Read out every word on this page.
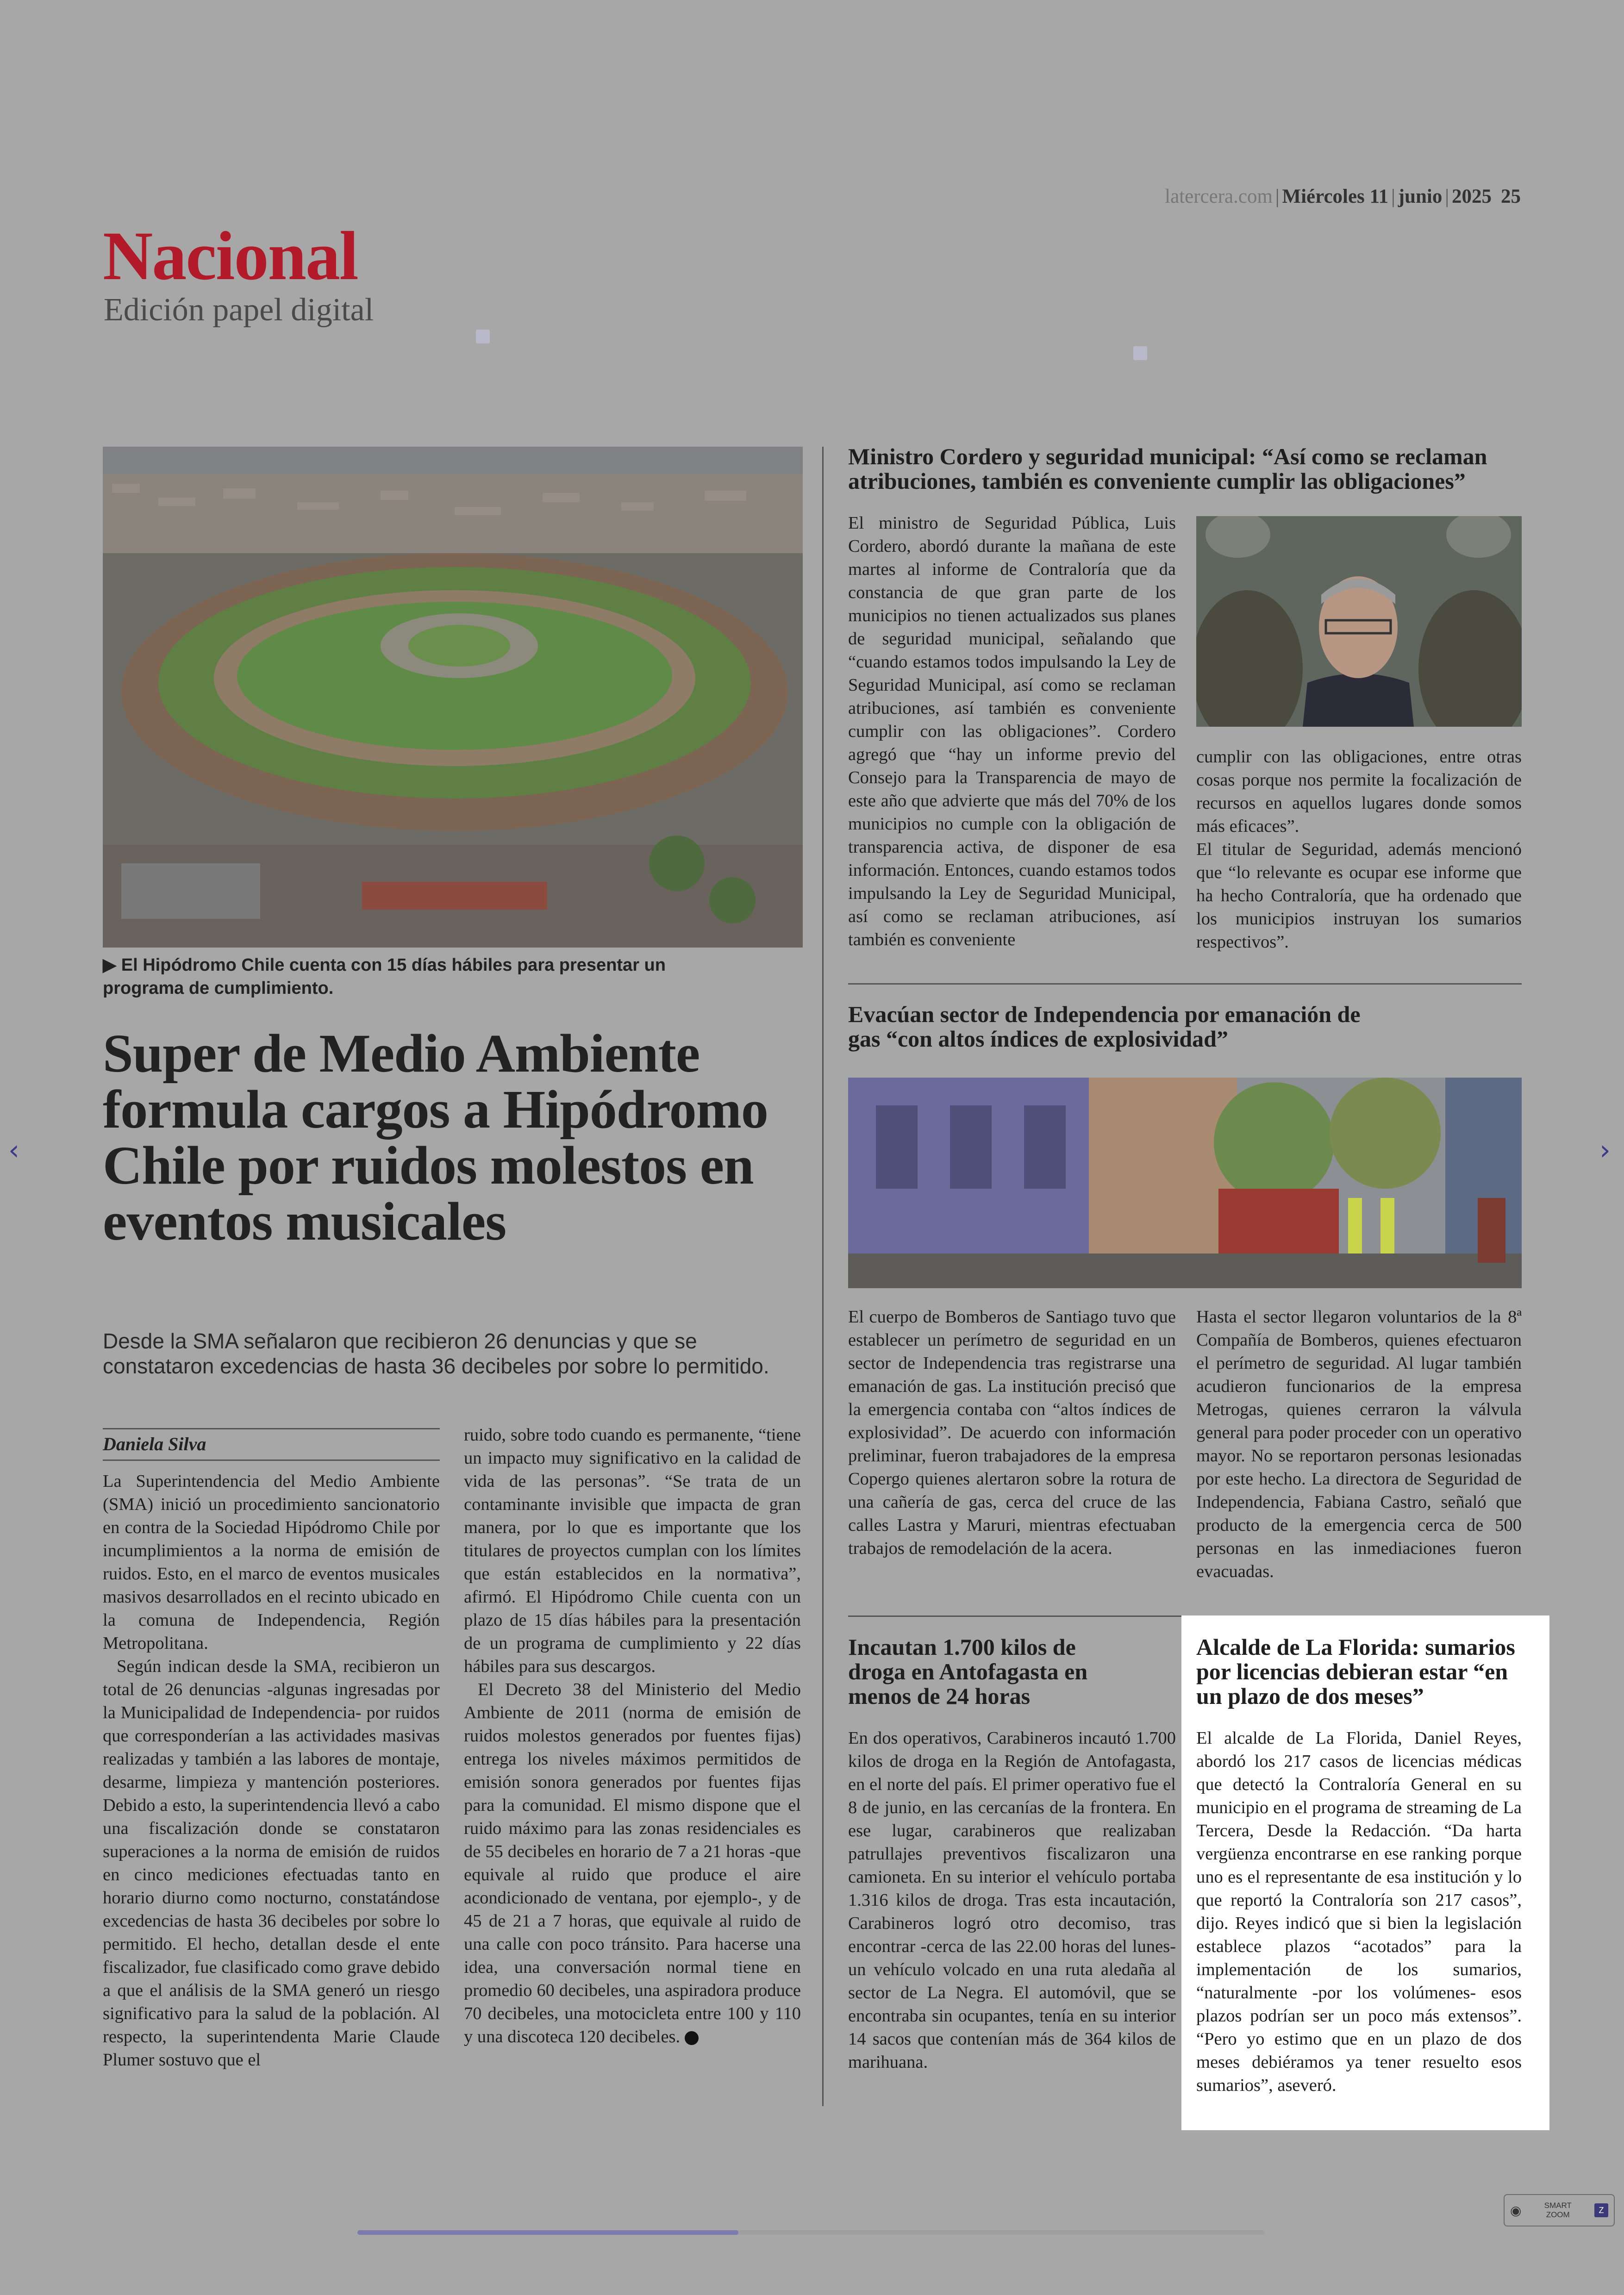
latercera.com | Miércoles 11 | junio | 2025 25
Nacional
Edición papel digital
▶ El Hipódromo Chile cuenta con 15 días hábiles para presentar un programa de cumplimiento.
Super de Medio Ambiente formula cargos a Hipódromo Chile por ruidos molestos en eventos musicales
Desde la SMA señalaron que recibieron 26 denuncias y que se constataron excedencias de hasta 36 decibeles por sobre lo permitido.
Daniela Silva

La Superintendencia del Medio Ambiente (SMA) inició un procedimiento sancionatorio en contra de la Sociedad Hipódromo Chile por incumplimientos a la norma de emisión de ruidos. Esto, en el marco de eventos musicales masivos desarrollados en el recinto ubicado en la comuna de Independencia, Región Metropolitana.

Según indican desde la SMA, recibieron un total de 26 denuncias -algunas ingresadas por la Municipalidad de Independencia- por ruidos que corresponderían a las actividades masivas realizadas y también a las labores de montaje, desarme, limpieza y mantención posteriores. Debido a esto, la superintendencia llevó a cabo una fiscalización donde se constataron superaciones a la norma de emisión de ruidos en cinco mediciones efectuadas tanto en horario diurno como nocturno, constatándose excedencias de hasta 36 decibeles por sobre lo permitido. El hecho, detallan desde el ente fiscalizador, fue clasificado como grave debido a que el análisis de la SMA generó un riesgo significativo para la salud de la población. Al respecto, la superintendenta Marie Claude Plumer sostuvo que el

ruido, sobre todo cuando es permanente, “tiene un impacto muy significativo en la calidad de vida de las personas”. “Se trata de un contaminante invisible que impacta de gran manera, por lo que es importante que los titulares de proyectos cumplan con los límites que están establecidos en la normativa”, afirmó. El Hipódromo Chile cuenta con un plazo de 15 días hábiles para la presentación de un programa de cumplimiento y 22 días hábiles para sus descargos.

El Decreto 38 del Ministerio del Medio Ambiente de 2011 (norma de emisión de ruidos molestos generados por fuentes fijas) entrega los niveles máximos permitidos de emisión sonora generados por fuentes fijas para la comunidad. El mismo dispone que el ruido máximo para las zonas residenciales es de 55 decibeles en horario de 7 a 21 horas -que equivale al ruido que produce el aire acondicionado de ventana, por ejemplo-, y de 45 de 21 a 7 horas, que equivale al ruido de una calle con poco tránsito. Para hacerse una idea, una conversación normal tiene en promedio 60 decibeles, una aspiradora produce 70 decibeles, una motocicleta entre 100 y 110 y una discoteca 120 decibeles.

Ministro Cordero y seguridad municipal: “Así como se reclaman atribuciones, también es conveniente cumplir las obligaciones”

El ministro de Seguridad Pública, Luis Cordero, abordó durante la mañana de este martes al informe de Contraloría que da constancia de que gran parte de los municipios no tienen actualizados sus planes de seguridad municipal, señalando que “cuando estamos todos impulsando la Ley de Seguridad Municipal, así como se reclaman atribuciones, así también es conveniente cumplir con las obligaciones”. Cordero agregó que “hay un informe previo del Consejo para la Transparencia de mayo de este año que advierte que más del 70% de los municipios no cumple con la obligación de transparencia activa, de disponer de esa información. Entonces, cuando estamos todos impulsando la Ley de Seguridad Municipal, así como se reclaman atribuciones, así también es conveniente

cumplir con las obligaciones, entre otras cosas porque nos permite la focalización de recursos en aquellos lugares donde somos más eficaces”.

El titular de Seguridad, además mencionó que “lo relevante es ocupar ese informe que ha hecho Contraloría, que ha ordenado que los municipios instruyan los sumarios respectivos”.

Evacúan sector de Independencia por emanación de gas “con altos índices de explosividad”

El cuerpo de Bomberos de Santiago tuvo que establecer un perímetro de seguridad en un sector de Independencia tras registrarse una emanación de gas. La institución precisó que la emergencia contaba con “altos índices de explosividad”. De acuerdo con información preliminar, fueron trabajadores de la empresa Copergo quienes alertaron sobre la rotura de una cañería de gas, cerca del cruce de las calles Lastra y Maruri, mientras efectuaban trabajos de remodelación de la acera.

Hasta el sector llegaron voluntarios de la 8ª Compañía de Bomberos, quienes efectuaron el perímetro de seguridad. Al lugar también acudieron funcionarios de la empresa Metrogas, quienes cerraron la válvula general para poder proceder con un operativo mayor. No se reportaron personas lesionadas por este hecho. La directora de Seguridad de Independencia, Fabiana Castro, señaló que producto de la emergencia cerca de 500 personas en las inmediaciones fueron evacuadas.

Incautan 1.700 kilos de droga en Antofagasta en menos de 24 horas

En dos operativos, Carabineros incautó 1.700 kilos de droga en la Región de Antofagasta, en el norte del país. El primer operativo fue el 8 de junio, en las cercanías de la frontera. En ese lugar, carabineros que realizaban patrullajes preventivos fiscalizaron una camioneta. En su interior el vehículo portaba 1.316 kilos de droga. Tras esta incautación, Carabineros logró otro decomiso, tras encontrar -cerca de las 22.00 horas del lunes- un vehículo volcado en una ruta aledaña al sector de La Negra. El automóvil, que se encontraba sin ocupantes, tenía en su interior 14 sacos que contenían más de 364 kilos de marihuana.

Alcalde de La Florida: sumarios por licencias debieran estar “en un plazo de dos meses”

El alcalde de La Florida, Daniel Reyes, abordó los 217 casos de licencias médicas que detectó la Contraloría General en su municipio en el programa de streaming de La Tercera, Desde la Redacción. “Da harta vergüenza encontrarse en ese ranking porque uno es el representante de esa institución y lo que reportó la Contraloría son 217 casos”, dijo. Reyes indicó que si bien la legislación establece plazos “acotados” para la implementación de los sumarios, “naturalmente -por los volúmenes- esos plazos podrían ser un poco más extensos”. “Pero yo estimo que en un plazo de dos meses debiéramos ya tener resuelto esos sumarios”, aseveró.

‹	›
◉	SMART
ZOOM	Z
